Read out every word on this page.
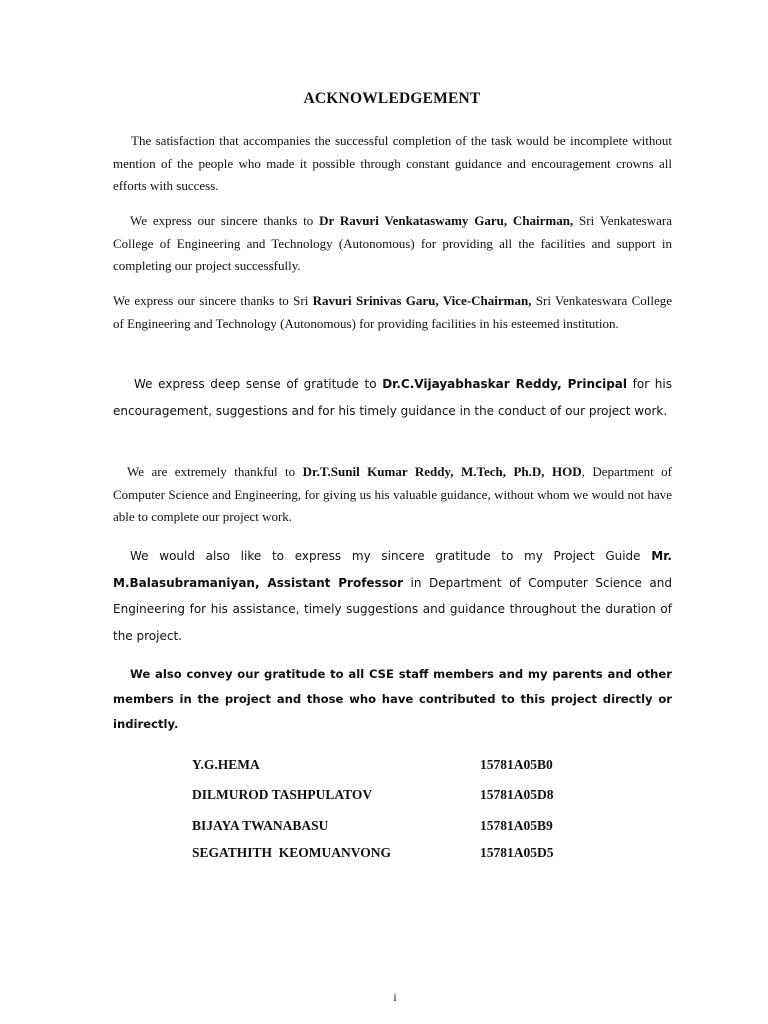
ACKNOWLEDGEMENT

The satisfaction that accompanies the successful completion of the task would be incomplete without mention of the people who made it possible through constant guidance and encouragement crowns all efforts with success.

We express our sincere thanks to Dr Ravuri Venkataswamy Garu, Chairman, Sri Venkateswara College of Engineering and Technology (Autonomous) for providing all the facilities and support in completing our project successfully.

We express our sincere thanks to Sri Ravuri Srinivas Garu, Vice-Chairman, Sri Venkateswara College of Engineering and Technology (Autonomous) for providing facilities in his esteemed institution.

We express deep sense of gratitude to Dr.C.Vijayabhaskar Reddy, Principal for his encouragement, suggestions and for his timely guidance in the conduct of our project work.

We are extremely thankful to Dr.T.Sunil Kumar Reddy, M.Tech, Ph.D, HOD, Department of Computer Science and Engineering, for giving us his valuable guidance, without whom we would not have able to complete our project work.

We would also like to express my sincere gratitude to my Project Guide Mr. M.Balasubramaniyan, Assistant Professor in Department of Computer Science and Engineering for his assistance, timely suggestions and guidance throughout the duration of the project.

We also convey our gratitude to all CSE staff members and my parents and other members in the project and those who have contributed to this project directly or indirectly.

Y.G.HEMA	15781A05B0
DILMUROD TASHPULATOV	15781A05D8
BIJAYA TWANABASU	15781A05B9
SEGATHITH  KEOMUANVONG	15781A05D5
i
